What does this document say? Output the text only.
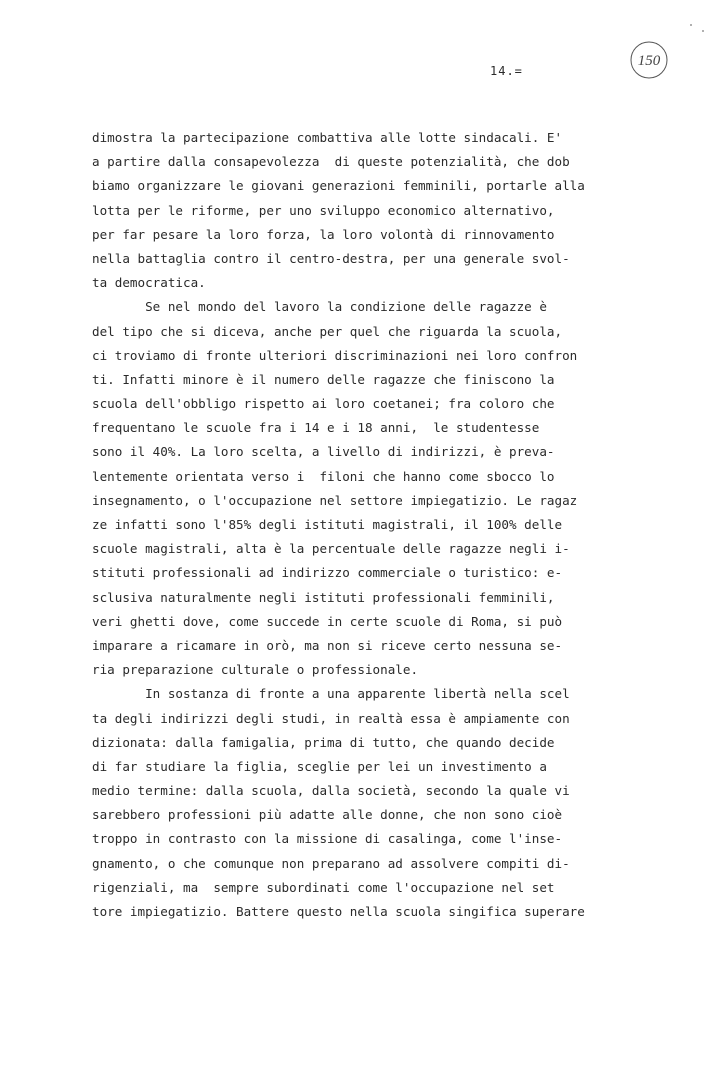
14.=
150
dimostra la partecipazione combattiva alle lotte sindacali. E'
a partire dalla consapevolezza  di queste potenzialità, che dob
biamo organizzare le giovani generazioni femminili, portarle alla
lotta per le riforme, per uno sviluppo economico alternativo,
per far pesare la loro forza, la loro volontà di rinnovamento
nella battaglia contro il centro-destra, per una generale svol-
ta democratica.
Se nel mondo del lavoro la condizione delle ragazze è
del tipo che si diceva, anche per quel che riguarda la scuola,
ci troviamo di fronte ulteriori discriminazioni nei loro confron
ti. Infatti minore è il numero delle ragazze che finiscono la
scuola dell'obbligo rispetto ai loro coetanei; fra coloro che
frequentano le scuole fra i 14 e i 18 anni,  le studentesse
sono il 40%. La loro scelta, a livello di indirizzi, è preva-
lentemente orientata verso i  filoni che hanno come sbocco lo
insegnamento, o l'occupazione nel settore impiegatizio. Le ragaz
ze infatti sono l'85% degli istituti magistrali, il 100% delle
scuole magistrali, alta è la percentuale delle ragazze negli i-
stituti professionali ad indirizzo commerciale o turistico: e-
sclusiva naturalmente negli istituti professionali femminili,
veri ghetti dove, come succede in certe scuole di Roma, si può
imparare a ricamare in orò, ma non si riceve certo nessuna se-
ria preparazione culturale o professionale.
In sostanza di fronte a una apparente libertà nella scel
ta degli indirizzi degli studi, in realtà essa è ampiamente con
dizionata: dalla famigalia, prima di tutto, che quando decide
di far studiare la figlia, sceglie per lei un investimento a
medio termine: dalla scuola, dalla società, secondo la quale vi
sarebbero professioni più adatte alle donne, che non sono cioè
troppo in contrasto con la missione di casalinga, come l'inse-
gnamento, o che comunque non preparano ad assolvere compiti di-
rigenziali, ma  sempre subordinati come l'occupazione nel set
tore impiegatizio. Battere questo nella scuola singifica superare
